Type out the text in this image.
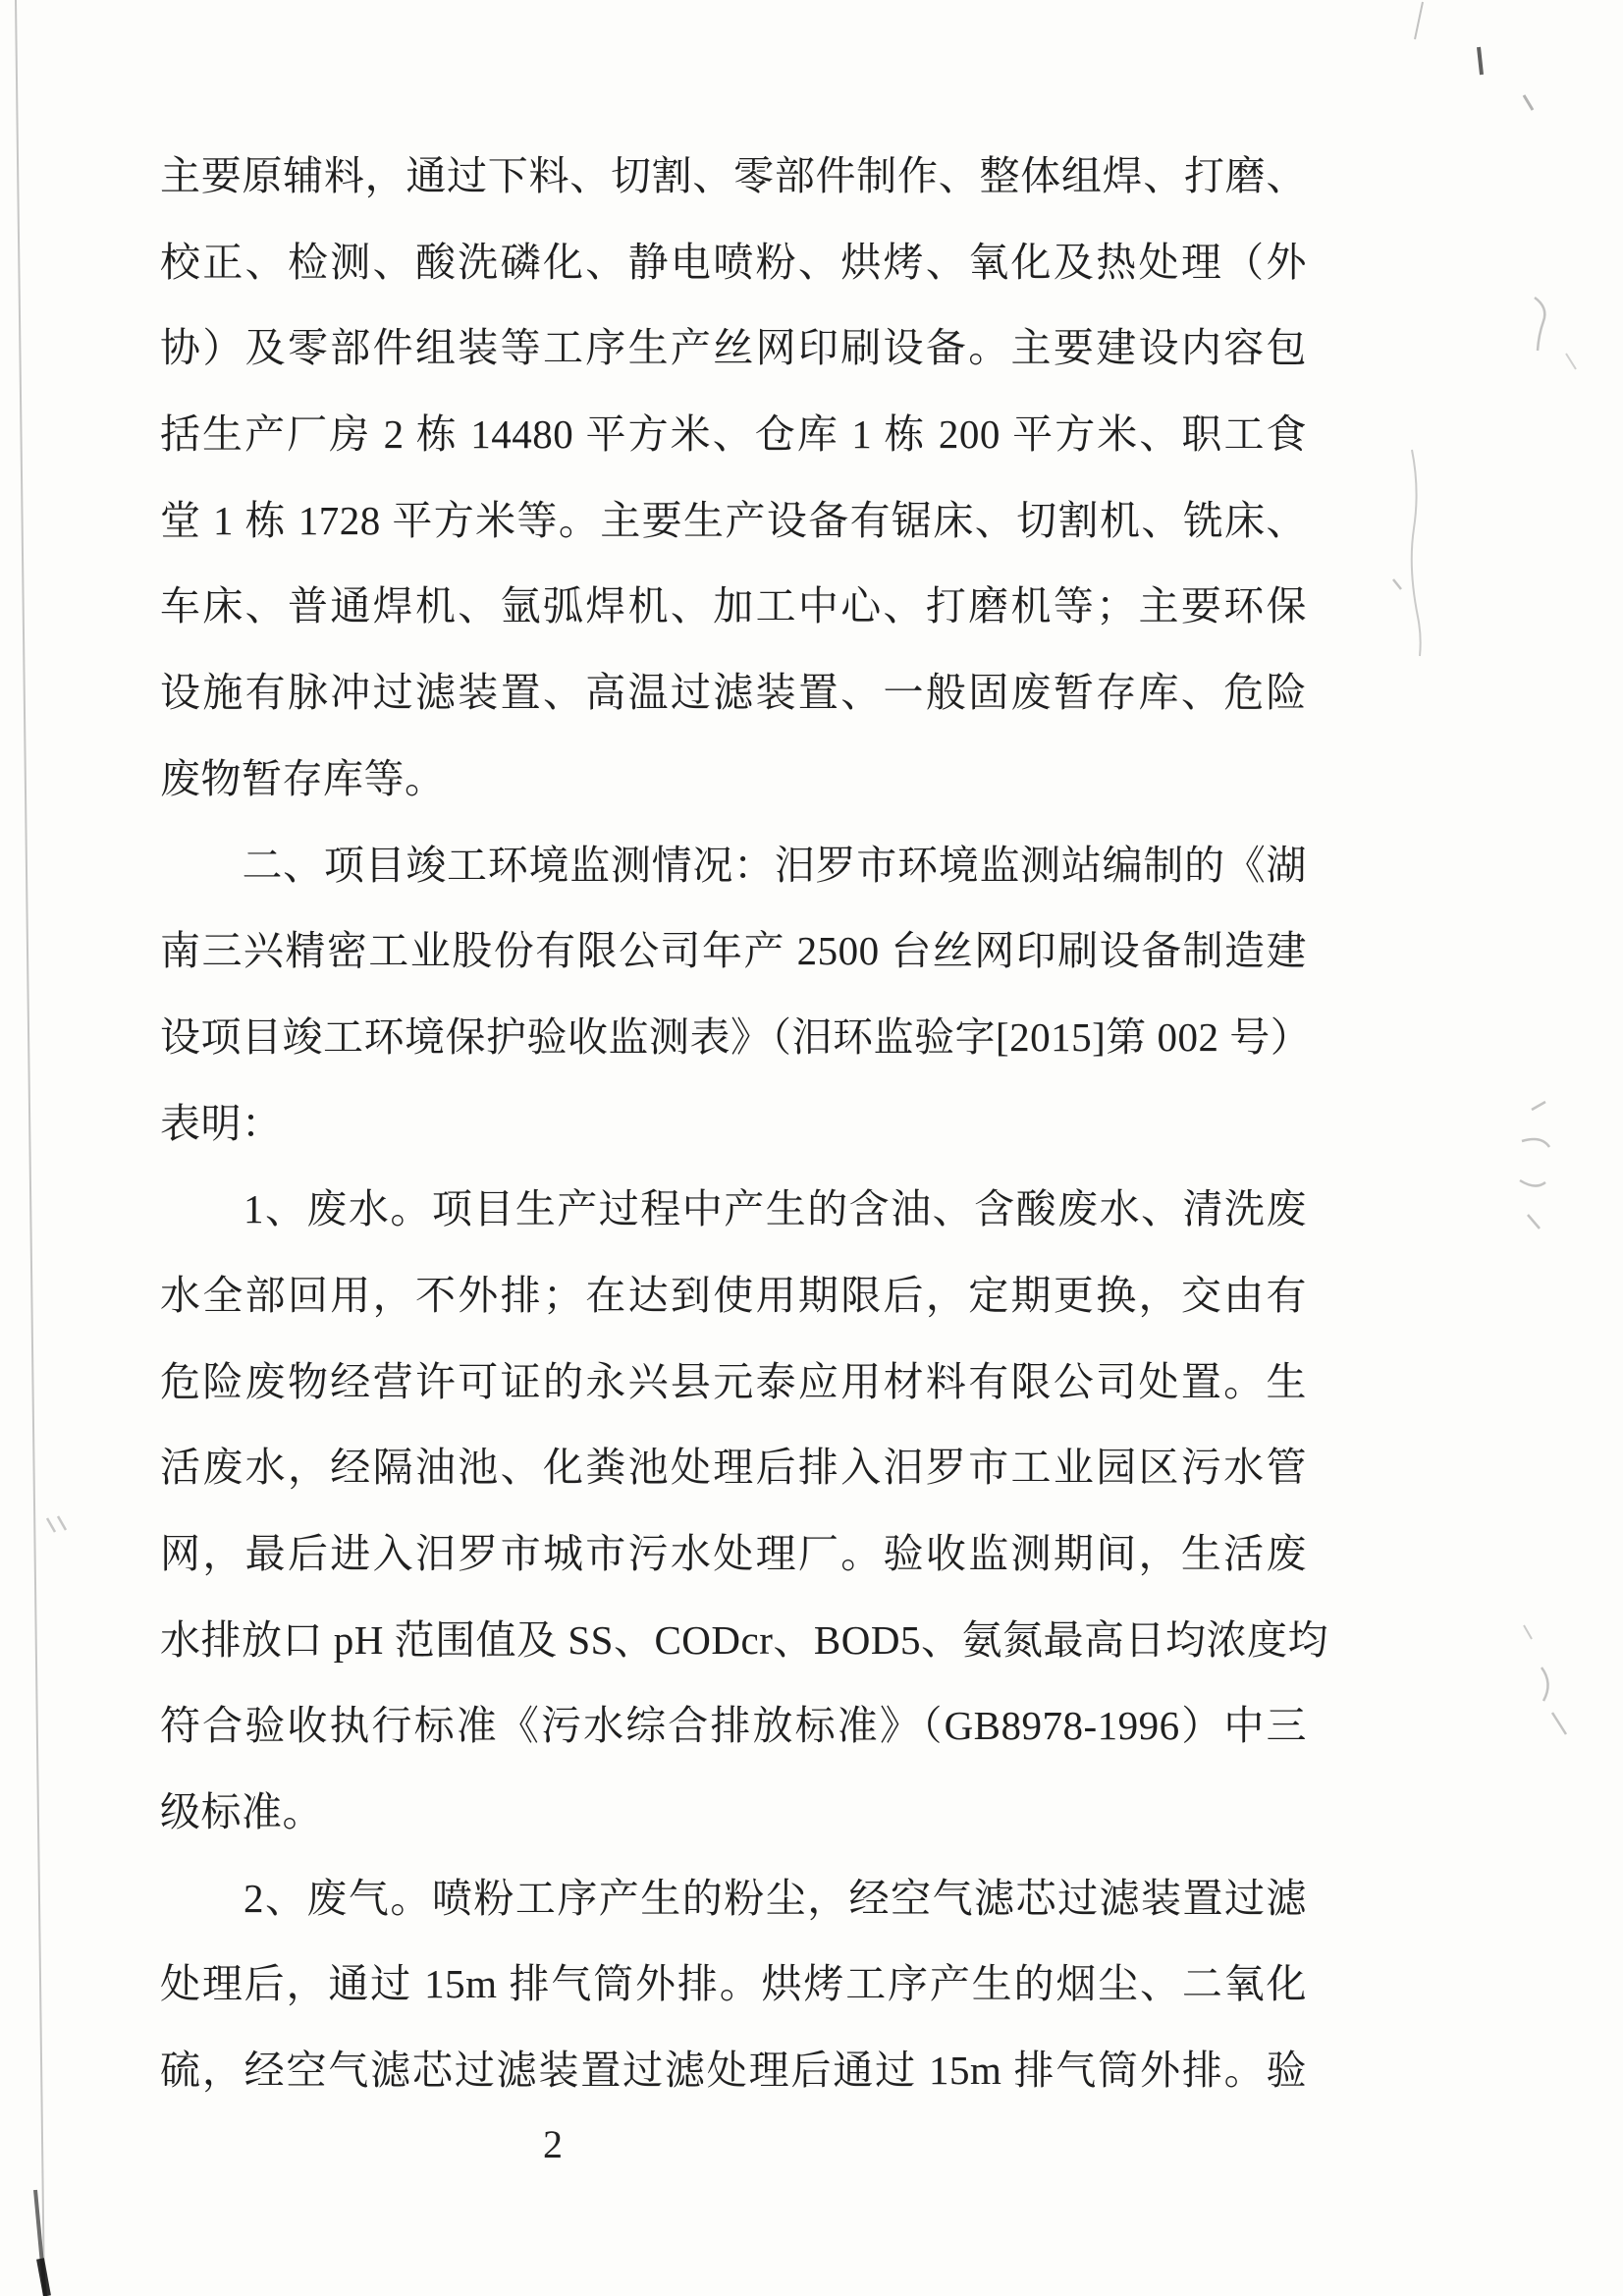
主要原辅料，通过下料、切割、零部件制作、整体组焊、打磨、
校正、检测、酸洗磷化、静电喷粉、烘烤、氧化及热处理（外
协）及零部件组装等工序生产丝网印刷设备。主要建设内容包
括生产厂房 2 栋 14480 平方米、仓库 1 栋 200 平方米、职工食
堂 1 栋 1728 平方米等。主要生产设备有锯床、切割机、铣床、
车床、普通焊机、氩弧焊机、加工中心、打磨机等；主要环保
设施有脉冲过滤装置、高温过滤装置、一般固废暂存库、危险
废物暂存库等。
　　二、项目竣工环境监测情况：汨罗市环境监测站编制的《湖
南三兴精密工业股份有限公司年产 2500 台丝网印刷设备制造建
设项目竣工环境保护验收监测表》（汨环监验字[2015]第 002 号）
表明：
　　1、废水。项目生产过程中产生的含油、含酸废水、清洗废
水全部回用，不外排；在达到使用期限后，定期更换，交由有
危险废物经营许可证的永兴县元泰应用材料有限公司处置。生
活废水，经隔油池、化粪池处理后排入汨罗市工业园区污水管
网，最后进入汨罗市城市污水处理厂。验收监测期间，生活废
水排放口 pH 范围值及 SS、CODcr、BOD5、氨氮最高日均浓度均
符合验收执行标准《污水综合排放标准》（GB8978-1996）中三
级标准。
　　2、废气。喷粉工序产生的粉尘，经空气滤芯过滤装置过滤
处理后，通过 15m 排气筒外排。烘烤工序产生的烟尘、二氧化
硫，经空气滤芯过滤装置过滤处理后通过 15m 排气筒外排。验
2
